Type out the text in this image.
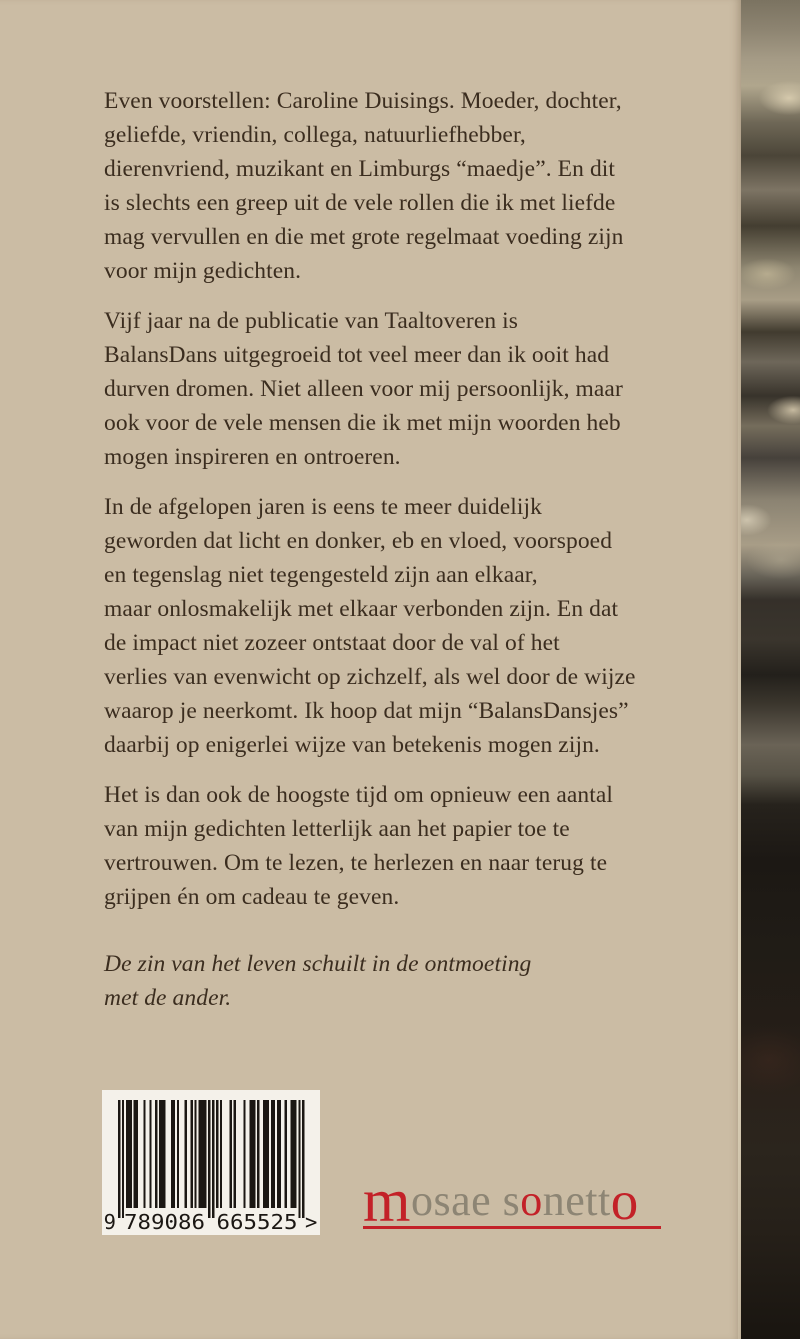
Even voorstellen: Caroline Duisings. Moeder, dochter,
geliefde, vriendin, collega, natuurliefhebber,
dierenvriend, muzikant en Limburgs “maedje”. En dit
is slechts een greep uit de vele rollen die ik met liefde
mag vervullen en die met grote regelmaat voeding zijn
voor mijn gedichten.

Vijf jaar na de publicatie van Taaltoveren is
BalansDans uitgegroeid tot veel meer dan ik ooit had
durven dromen. Niet alleen voor mij persoonlijk, maar
ook voor de vele mensen die ik met mijn woorden heb
mogen inspireren en ontroeren.

In de afgelopen jaren is eens te meer duidelijk
geworden dat licht en donker, eb en vloed, voorspoed
en tegenslag niet tegengesteld zijn aan elkaar,
maar onlosmakelijk met elkaar verbonden zijn. En dat
de impact niet zozeer ontstaat door de val of het
verlies van evenwicht op zichzelf, als wel door de wijze
waarop je neerkomt. Ik hoop dat mijn “BalansDansjes”
daarbij op enigerlei wijze van betekenis mogen zijn.

Het is dan ook de hoogste tijd om opnieuw een aantal
van mijn gedichten letterlijk aan het papier toe te
vertrouwen. Om te lezen, te herlezen en naar terug te
grijpen én om cadeau te geven.

De zin van het leven schuilt in de ontmoeting
met de ander.

9 789086 665525 > mosae sonetto
